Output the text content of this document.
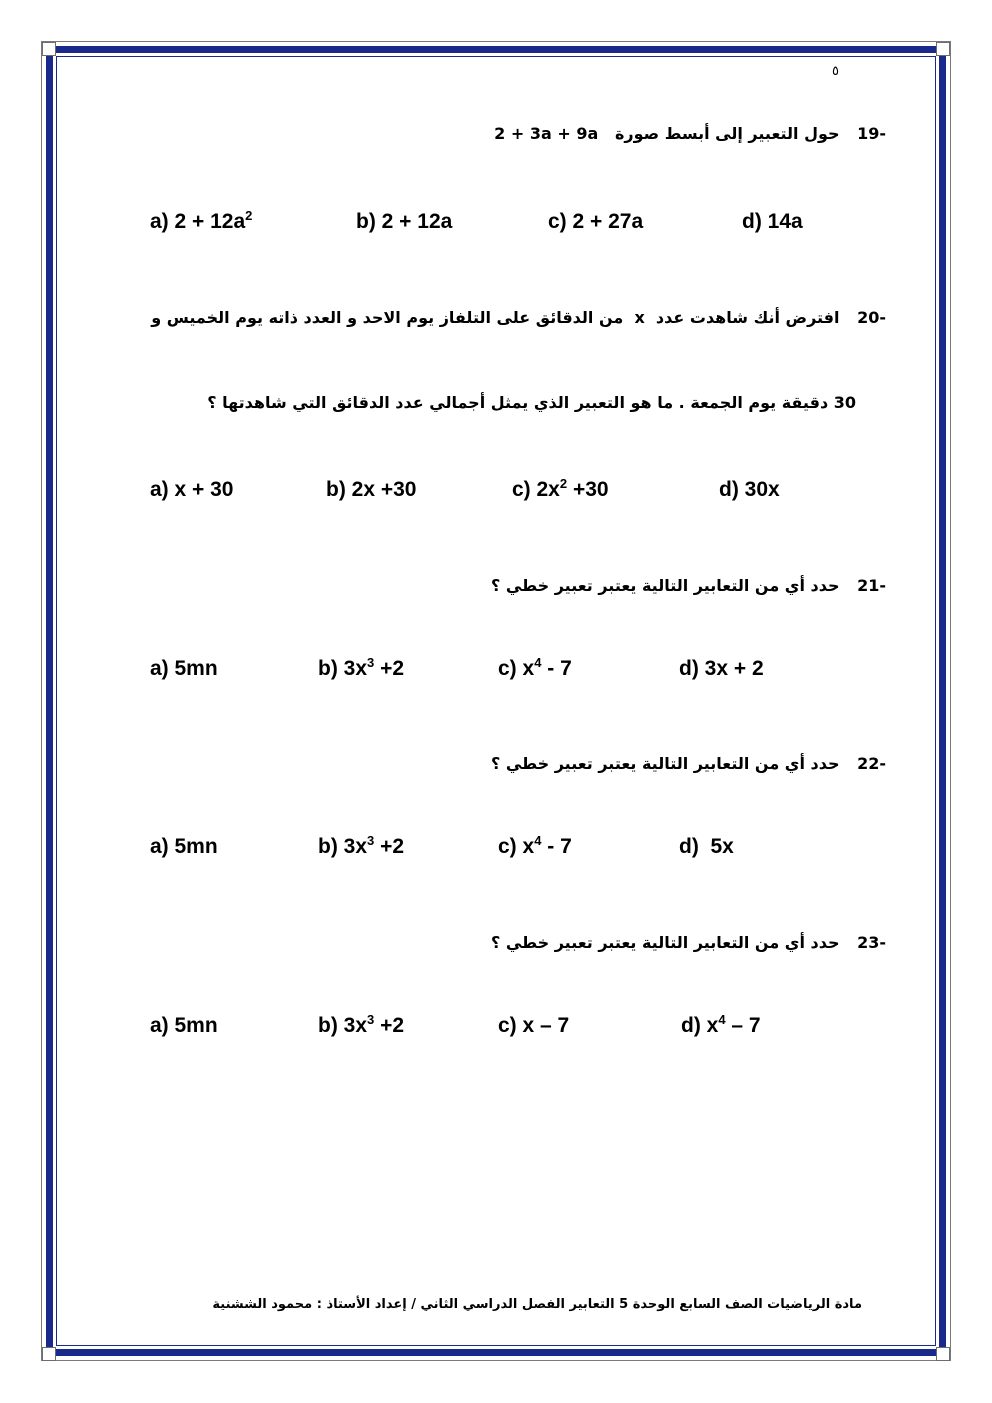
٥
19- حول التعبير إلى أبسط صورة   2 + 3a + 9a
a) $2 + 12a^2$	b) 2 + 12a	c) 2 + 27a	d) 14a
20- افترض أنك شاهدت عدد  x  من الدقائق على التلفاز يوم الاحد و العدد ذاته يوم الخميس و
30 دقيقة يوم الجمعة . ما هو التعبير الذي يمثل أجمالي عدد الدقائق التي شاهدتها ؟
a) x + 30	b) 2x +30	c) $2x^2 +30$	d) 30x
21- حدد أي من التعابير التالية يعتبر تعبير خطي ؟
a) 5mn	b) $3x^3 +2$	c) $x^4 - 7$	d) 3x + 2
22- حدد أي من التعابير التالية يعتبر تعبير خطي ؟
a) 5mn	b) $3x^3 +2$	c) $x^4 - 7$	d)  5x
23- حدد أي من التعابير التالية يعتبر تعبير خطي ؟
a) 5mn	b) $3x^3 +2$	c) x – 7	d) $x^4 - 7$
مادة الرياضيات الصف السابع الوحدة 5 التعابير الفصل الدراسي الثاني / إعداد الأستاذ : محمود الششنية
